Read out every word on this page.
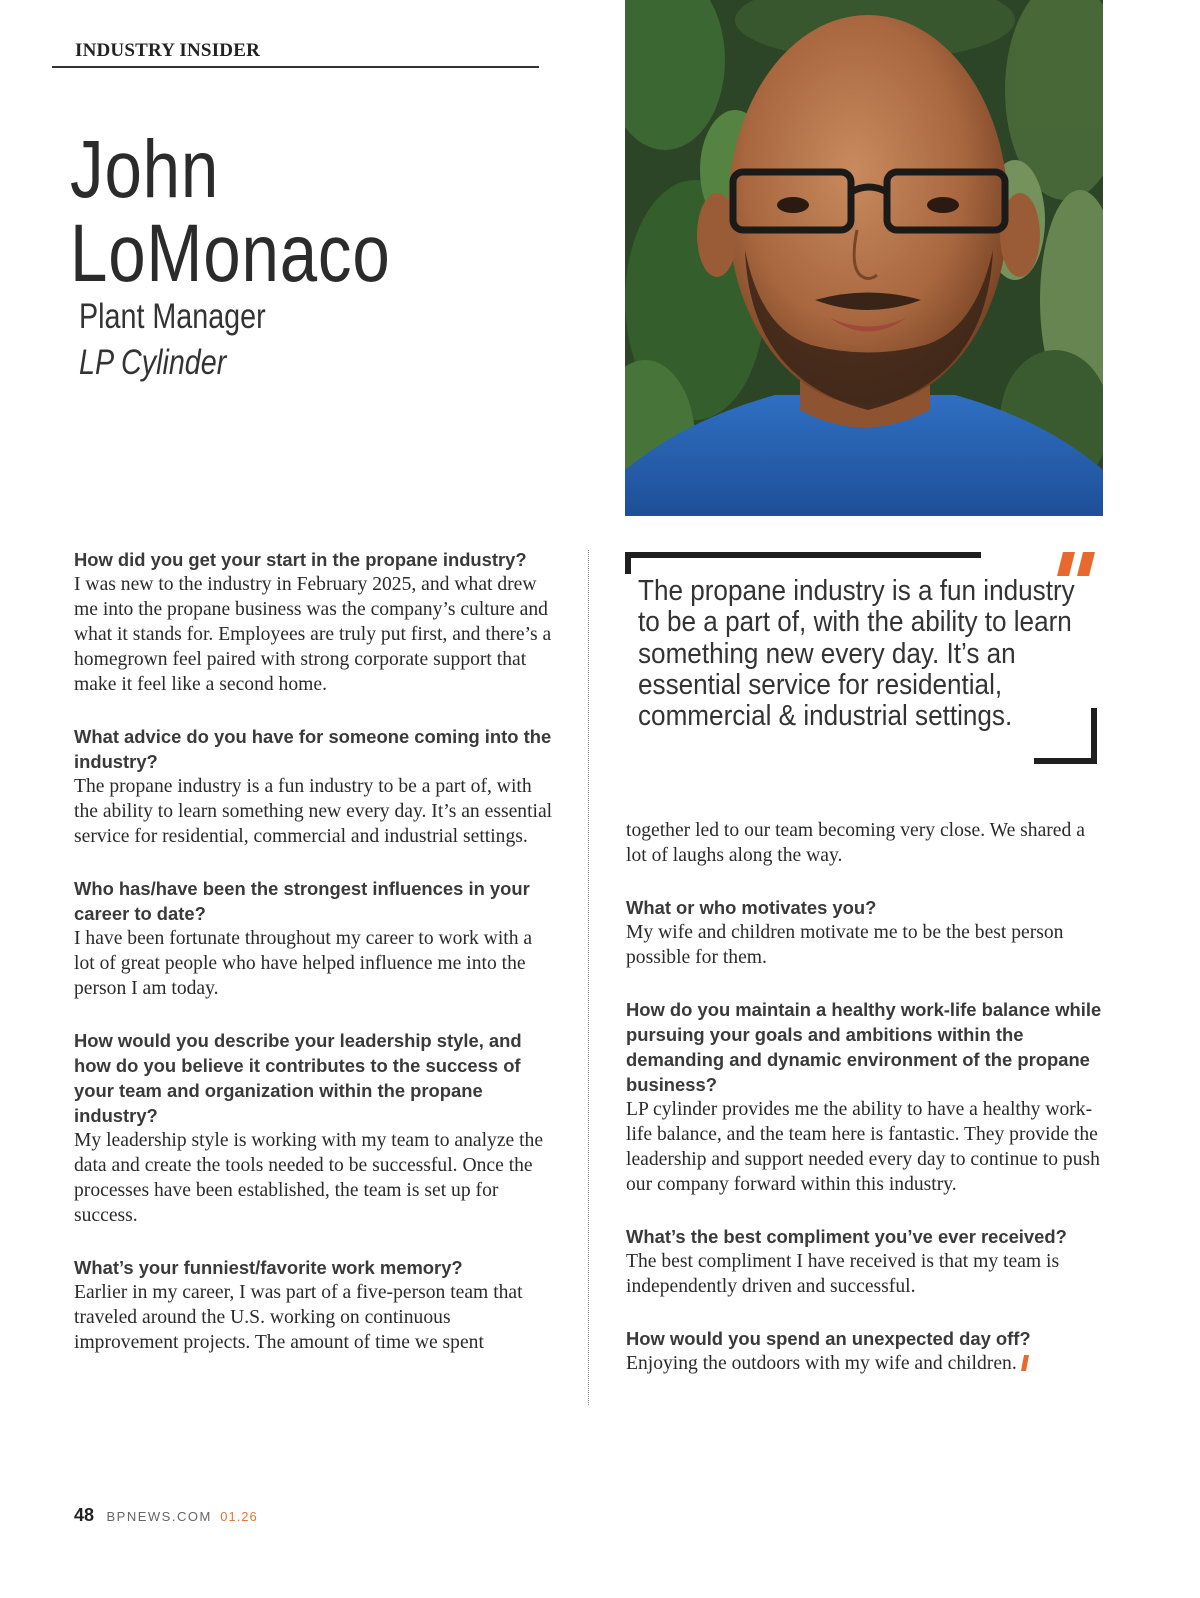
INDUSTRY INSIDER
John
LoMonaco
Plant Manager
LP Cylinder
The propane industry is a fun industry to be a part of, with the ability to learn something new every day. It’s an essential service for residential, commercial & industrial settings.

How did you get your start in the propane industry?

I was new to the industry in February 2025, and what drew me into the propane business was the company’s culture and what it stands for. Employees are truly put first, and there’s a homegrown feel paired with strong corporate support that make it feel like a second home.

What advice do you have for someone coming into the industry?

The propane industry is a fun industry to be a part of, with the ability to learn something new every day. It’s an essential service for residential, commercial and industrial settings.

Who has/have been the strongest influences in your career to date?

I have been fortunate throughout my career to work with a lot of great people who have helped influence me into the person I am today.

How would you describe your leadership style, and how do you believe it contributes to the success of your team and organization within the propane industry?

My leadership style is working with my team to analyze the data and create the tools needed to be successful. Once the processes have been established, the team is set up for success.

What’s your funniest/favorite work memory?

Earlier in my career, I was part of a five-person team that traveled around the U.S. working on continuous improvement projects. The amount of time we spent

together led to our team becoming very close. We shared a lot of laughs along the way.

What or who motivates you?

My wife and children motivate me to be the best person possible for them.

How do you maintain a healthy work-life balance while pursuing your goals and ambitions within the demanding and dynamic environment of the propane business?

LP cylinder provides me the ability to have a healthy work-life balance, and the team here is fantastic. They provide the leadership and support needed every day to continue to push our company forward within this industry.

What’s the best compliment you’ve ever received?

The best compliment I have received is that my team is independently driven and successful.

How would you spend an unexpected day off?

Enjoying the outdoors with my wife and children.

48 BPNEWS.COM 01.26
